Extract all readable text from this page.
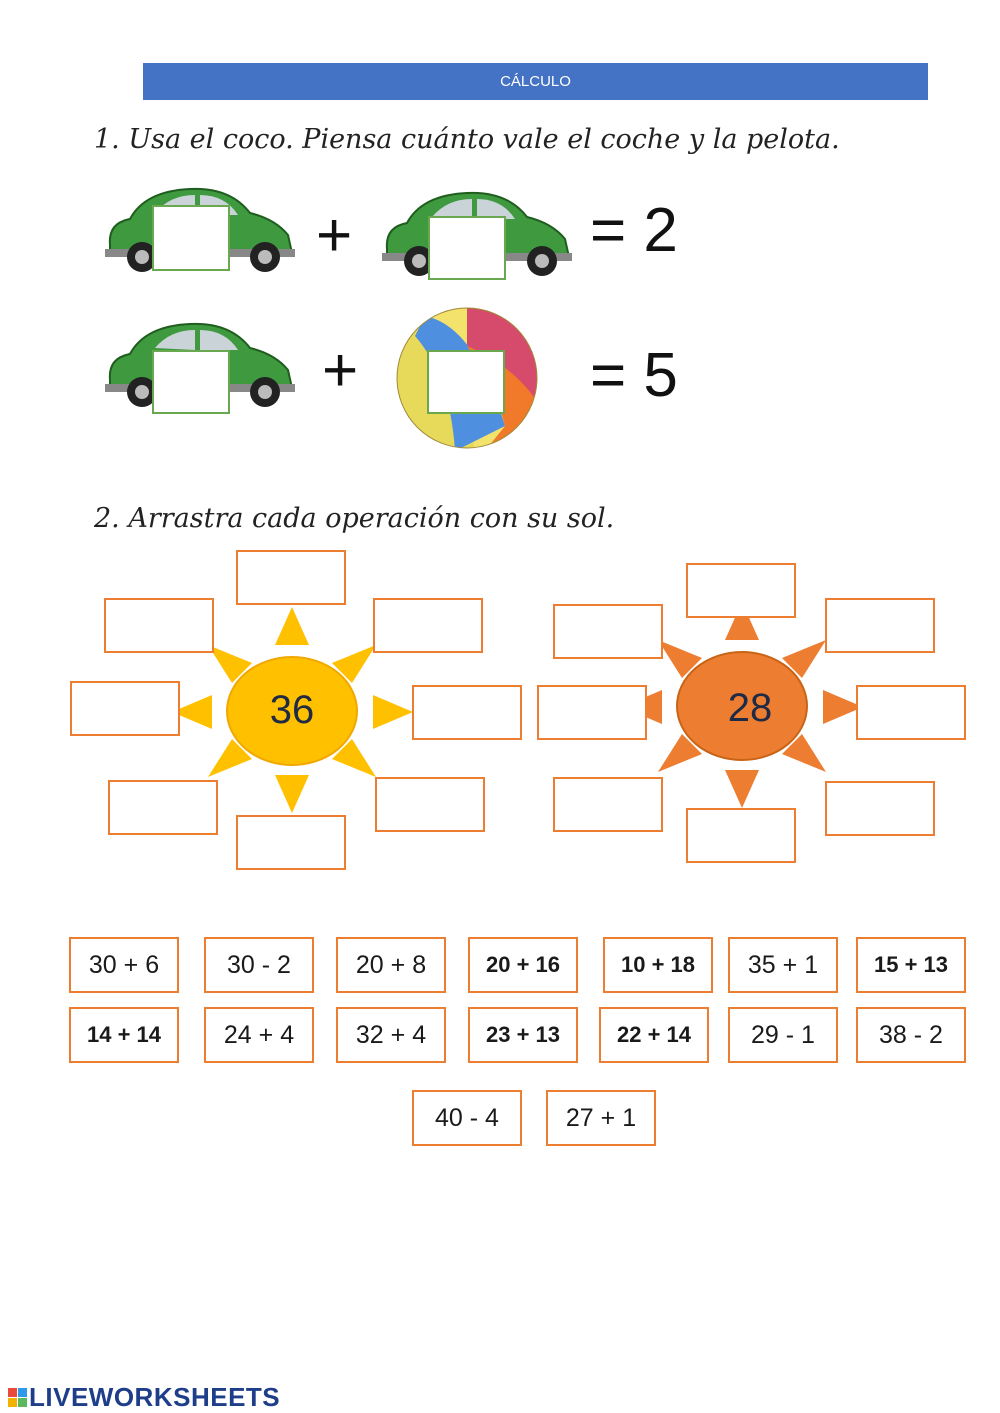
CÁLCULO
1. Usa el coco. Piensa cuánto vale el coche y la pelota.
+	= 2
+	= 5
2. Arrastra cada operación con su sol.
36	28
30 + 6	30 - 2	20 + 8	20 + 16	10 + 18	35 + 1	15 + 13
14 + 14	24 + 4	32 + 4	23 + 13	22 + 14	29 - 1	38 - 2
40 - 4	27 + 1
LIVEWORKSHEETS
